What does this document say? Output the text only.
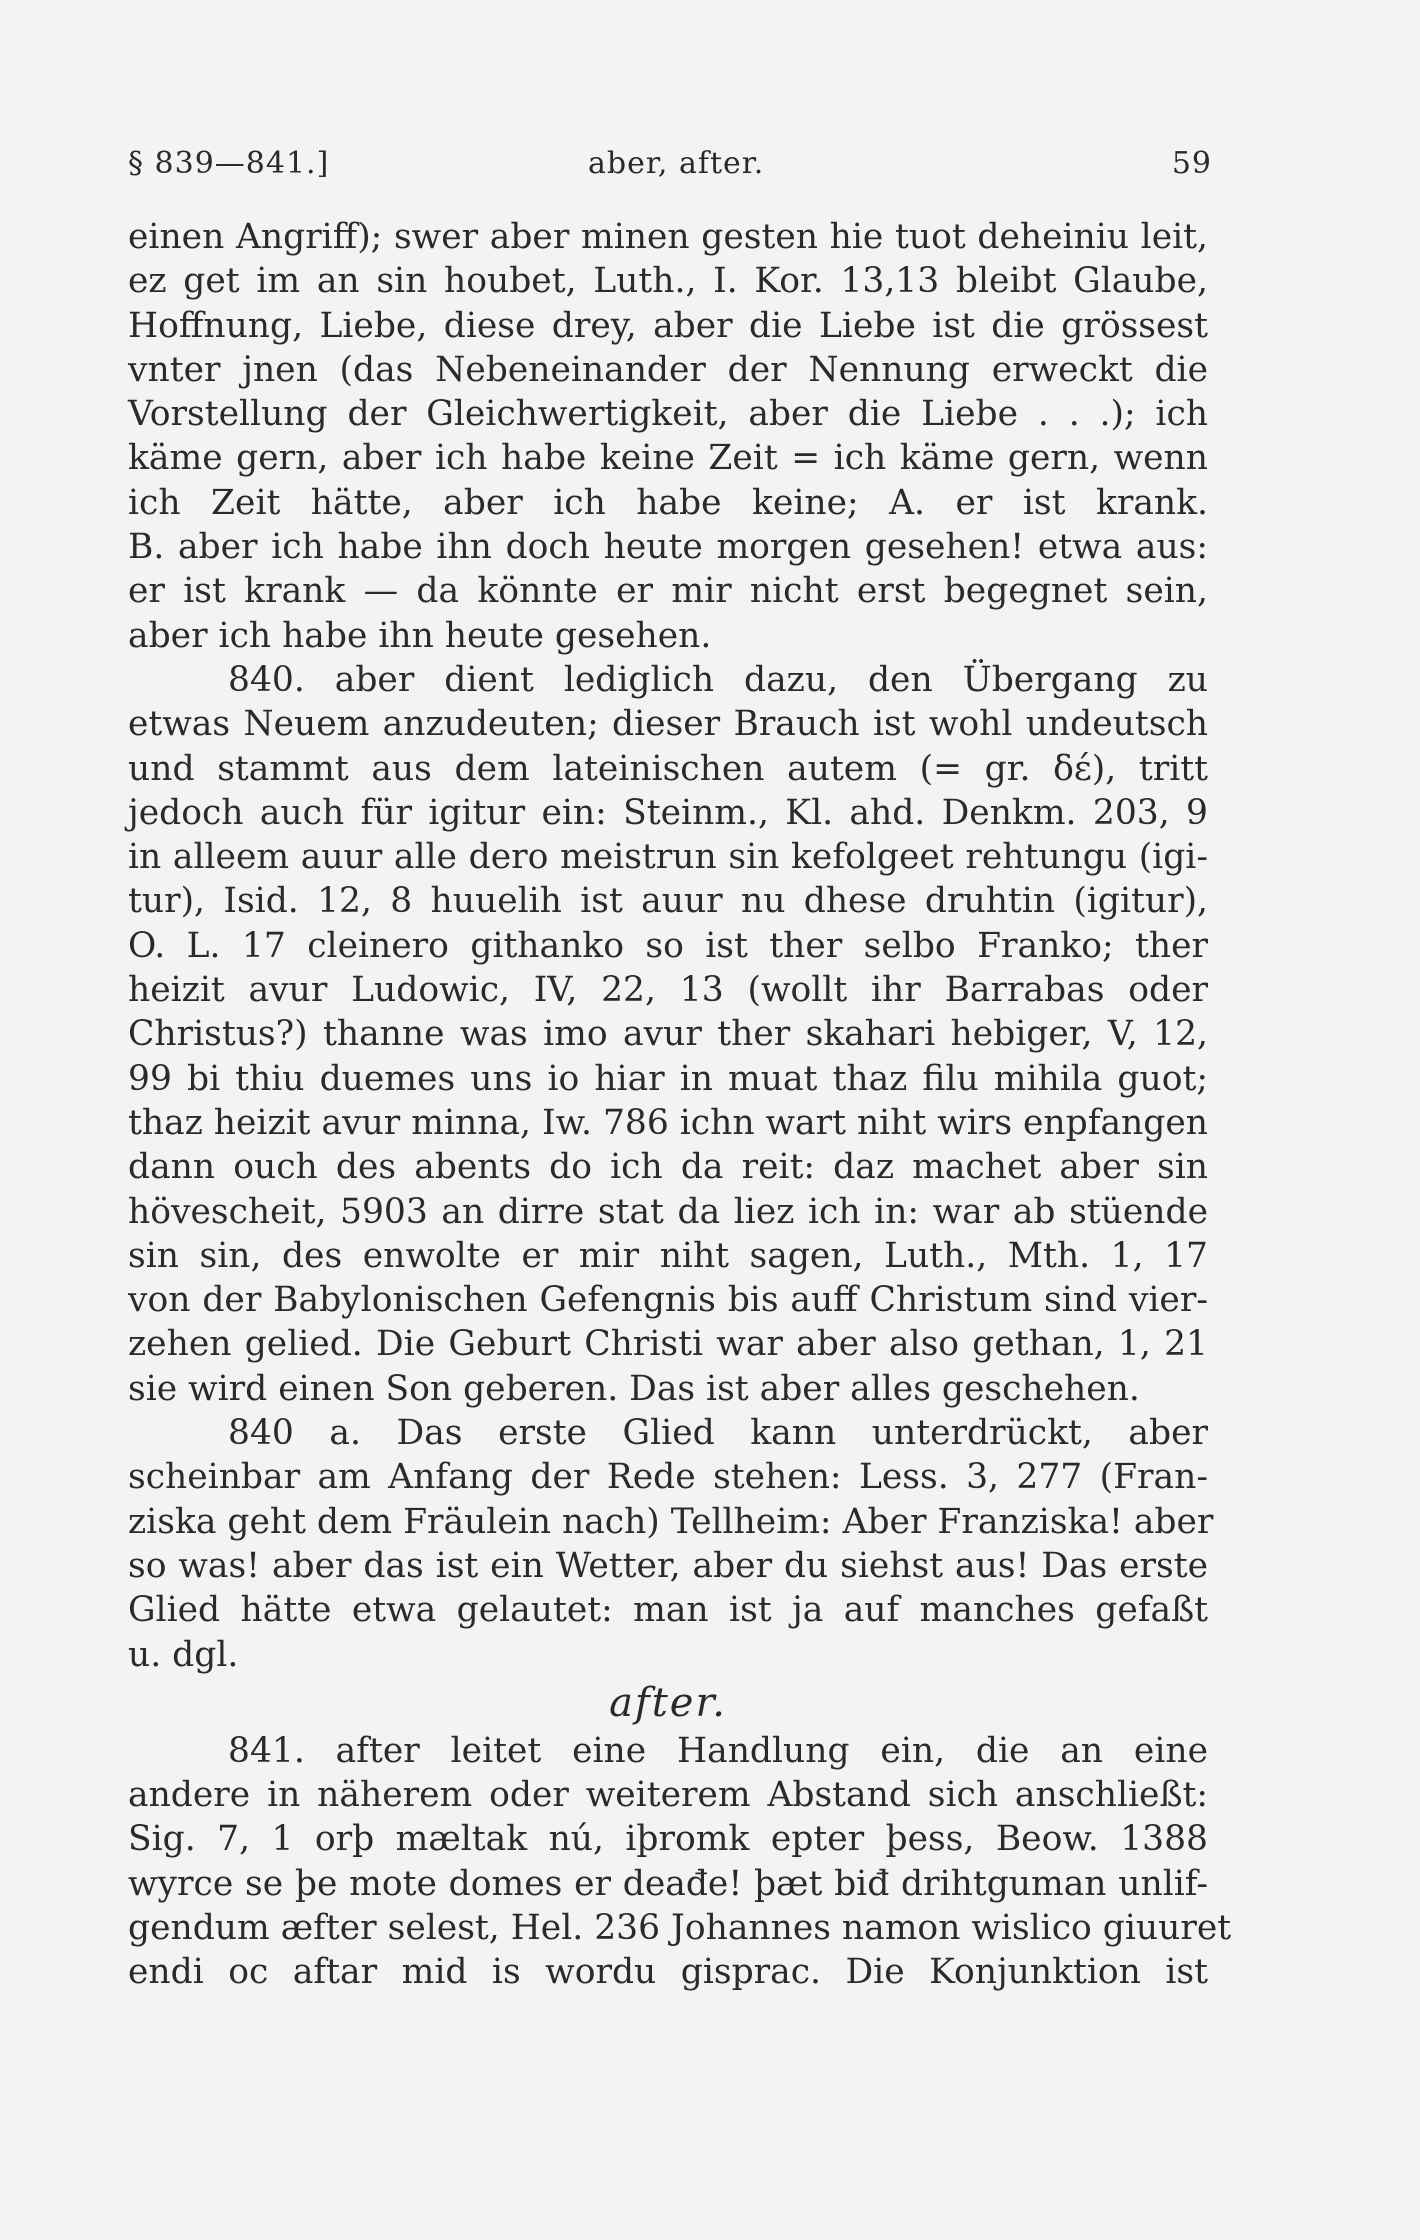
§ 839—841.]	aber, after.	59
einen Angriff); swer aber minen gesten hie tuot deheiniu leit,
ez get im an sin houbet, Luth., I. Kor. 13,13 bleibt Glaube,
Hoffnung, Liebe, diese drey, aber die Liebe ist die grössest
vnter jnen (das Nebeneinander der Nennung erweckt die
Vorstellung der Gleichwertigkeit, aber die Liebe . . .); ich
käme gern, aber ich habe keine Zeit = ich käme gern, wenn
ich Zeit hätte, aber ich habe keine; A. er ist krank.
B. aber ich habe ihn doch heute morgen gesehen! etwa aus:
er ist krank — da könnte er mir nicht erst begegnet sein,
aber ich habe ihn heute gesehen.
840. aber dient lediglich dazu, den Übergang zu
etwas Neuem anzudeuten; dieser Brauch ist wohl undeutsch
und stammt aus dem lateinischen autem (= gr. δέ), tritt
jedoch auch für igitur ein: Steinm., Kl. ahd. Denkm. 203, 9
in alleem auur alle dero meistrun sin kefolgeet rehtungu (igi-
tur), Isid. 12, 8 huuelih ist auur nu dhese druhtin (igitur),
O. L. 17 cleinero githanko so ist ther selbo Franko; ther
heizit avur Ludowic, IV, 22, 13 (wollt ihr Barrabas oder
Christus?) thanne was imo avur ther skahari hebiger, V, 12,
99 bi thiu duemes uns io hiar in muat thaz filu mihila guot;
thaz heizit avur minna, Iw. 786 ichn wart niht wirs enpfangen
dann ouch des abents do ich da reit: daz machet aber sin
hövescheit, 5903 an dirre stat da liez ich in: war ab stüende
sin sin, des enwolte er mir niht sagen, Luth., Mth. 1, 17
von der Babylonischen Gefengnis bis auff Christum sind vier-
zehen gelied. Die Geburt Christi war aber also gethan, 1, 21
sie wird einen Son geberen. Das ist aber alles geschehen.
840 a. Das erste Glied kann unterdrückt, aber
scheinbar am Anfang der Rede stehen: Less. 3, 277 (Fran-
ziska geht dem Fräulein nach) Tellheim: Aber Franziska! aber
so was! aber das ist ein Wetter, aber du siehst aus! Das erste
Glied hätte etwa gelautet: man ist ja auf manches gefaßt
u. dgl.
after.
841. after leitet eine Handlung ein, die an eine
andere in näherem oder weiterem Abstand sich anschließt:
Sig. 7, 1 orþ mæltak nú, iþromk epter þess, Beow. 1388
wyrce se þe mote domes er deađe! þæt biđ drihtguman unlif-
gendum æfter selest, Hel. 236 Johannes namon wislico giuuret
endi oc aftar mid is wordu gisprac. Die Konjunktion ist
